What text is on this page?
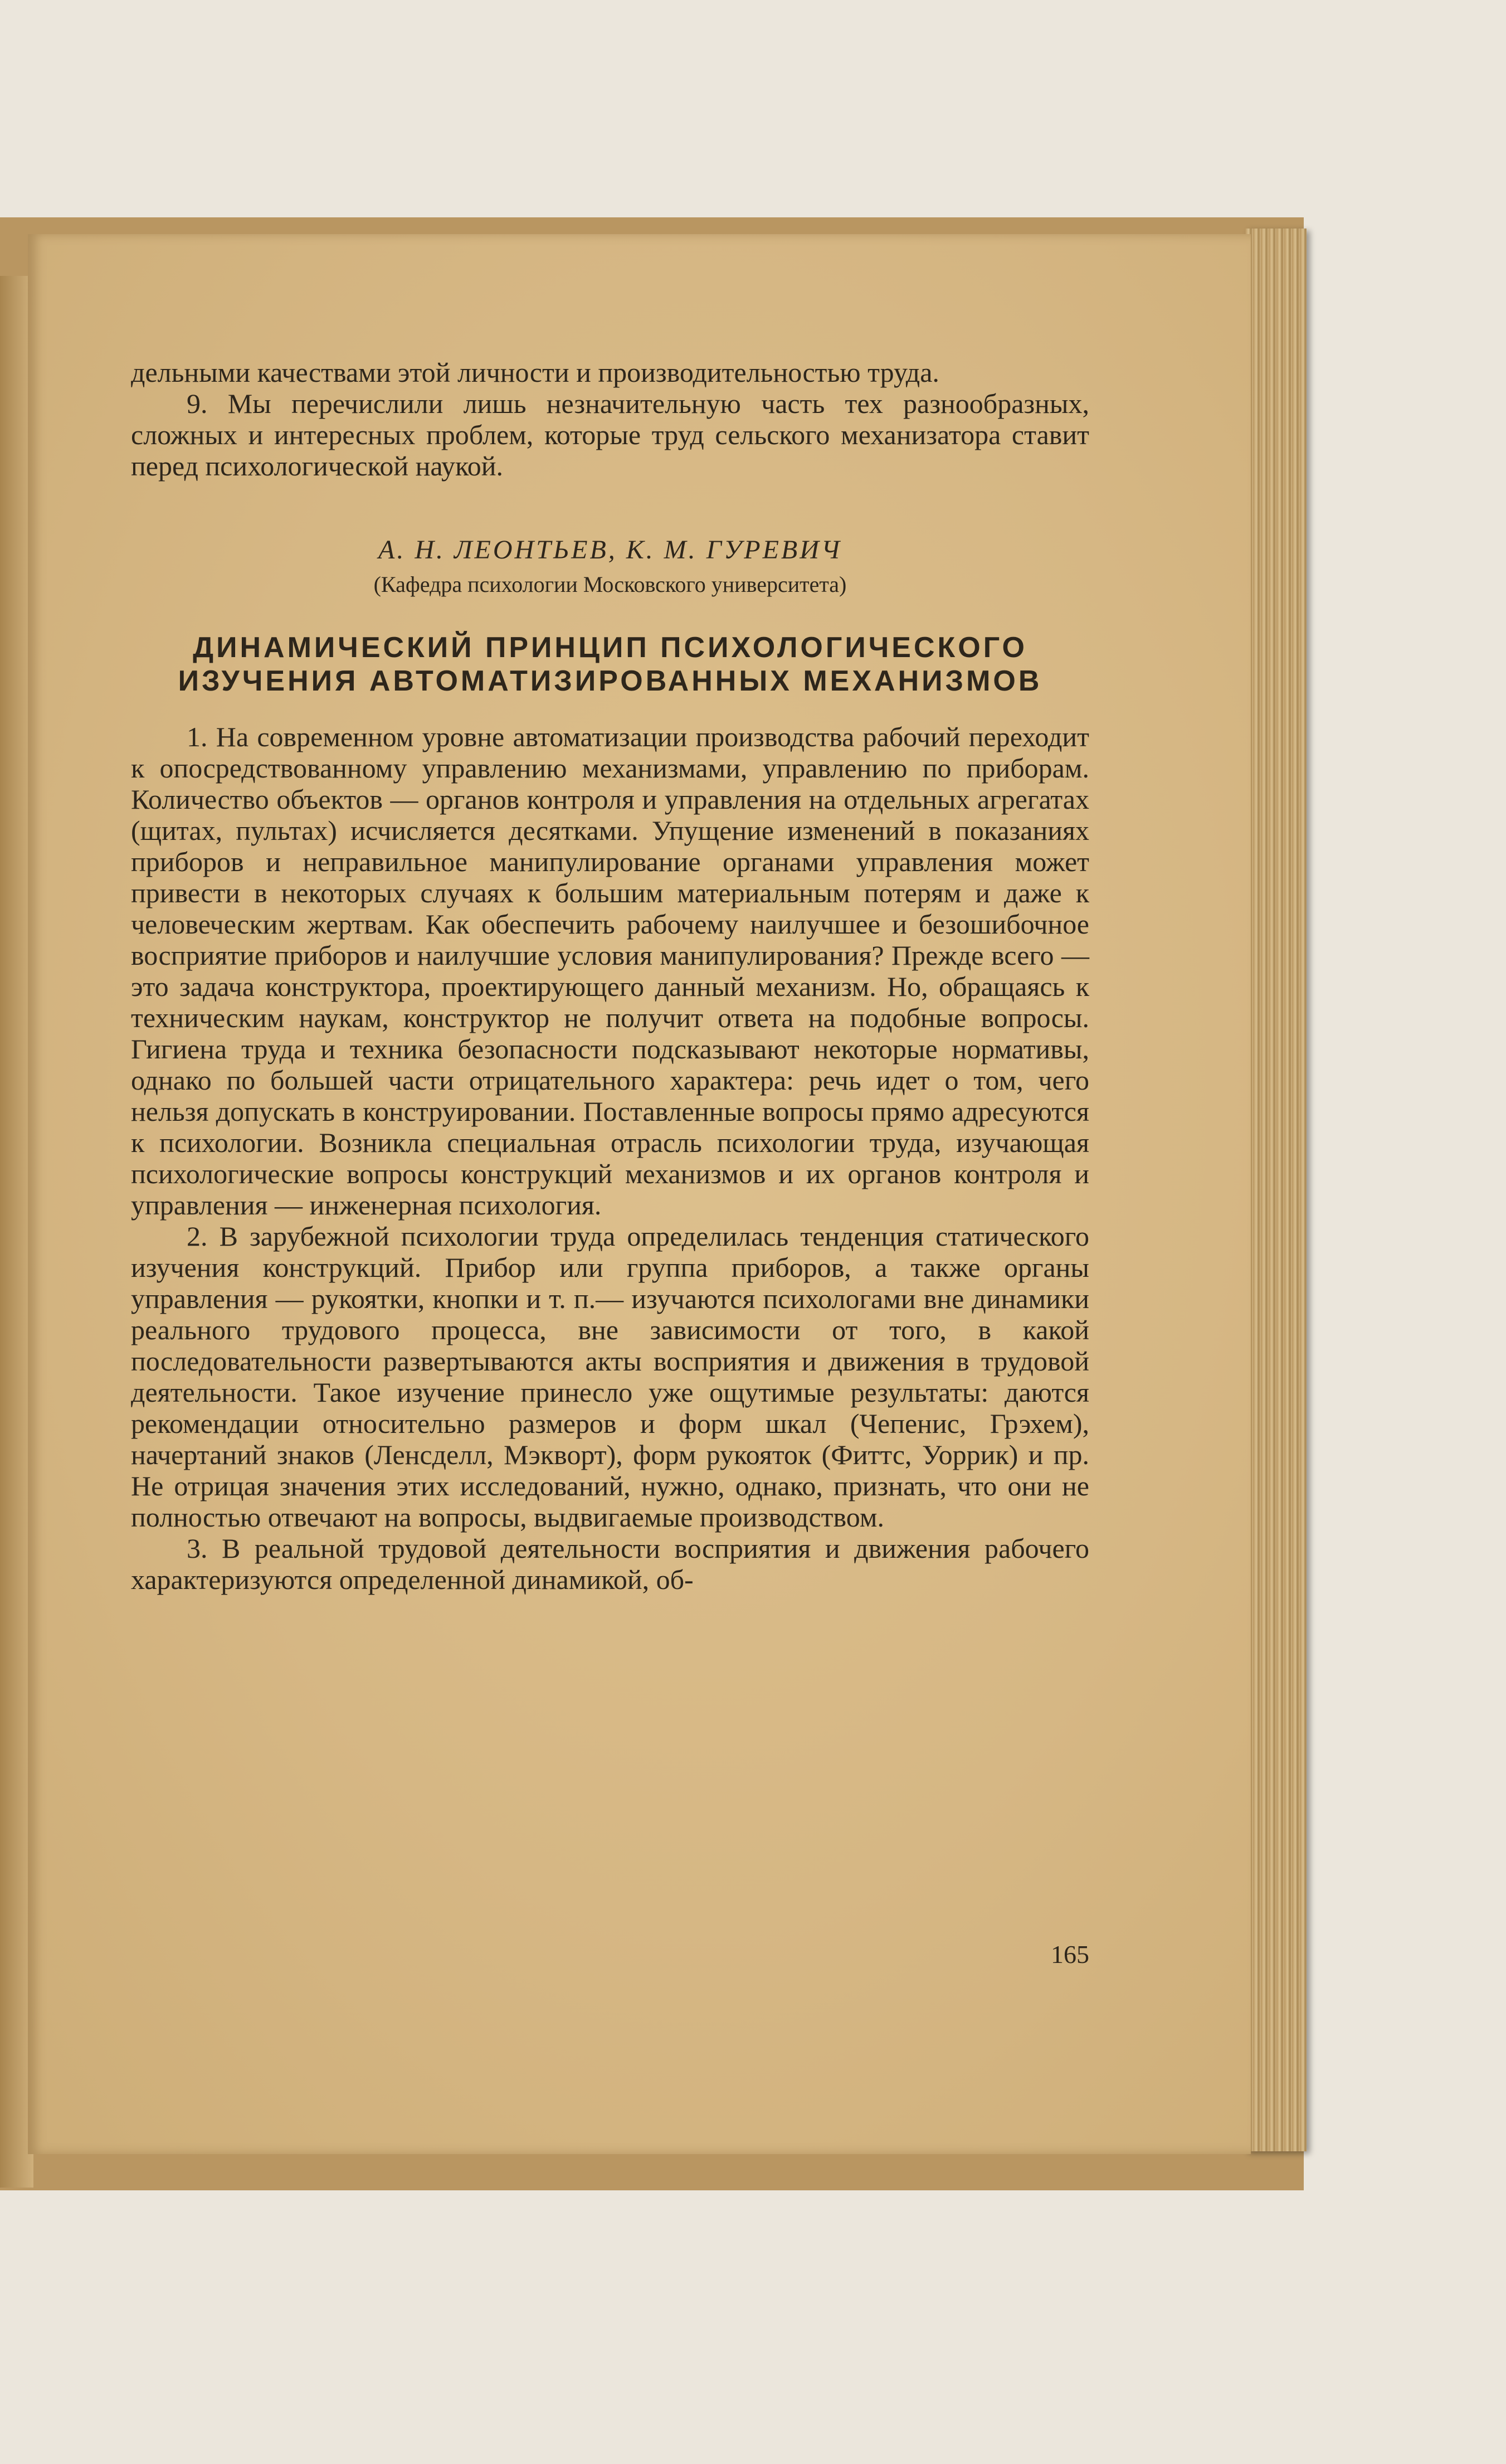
дельными качествами этой личности и производительностью труда.

9. Мы перечислили лишь незначительную часть тех разнообразных, сложных и интересных проблем, которые труд сельского механизатора ставит перед психологической наукой.

А. Н. ЛЕОНТЬЕВ, К. М. ГУРЕВИЧ

(Кафедра психологии Московского университета)

ДИНАМИЧЕСКИЙ ПРИНЦИП ПСИХОЛОГИЧЕСКОГО ИЗУЧЕНИЯ АВТОМАТИЗИРОВАННЫХ МЕХАНИЗМОВ

1. На современном уровне автоматизации производства рабочий переходит к опосредствованному управлению механизмами, управлению по приборам. Количество объектов — органов контроля и управления на отдельных агрегатах (щитах, пультах) исчисляется десятками. Упущение изменений в показаниях приборов и неправильное манипулирование органами управления может привести в некоторых случаях к большим материальным потерям и даже к человеческим жертвам. Как обеспечить рабочему наилучшее и безошибочное восприятие приборов и наилучшие условия манипулирования? Прежде всего — это задача конструктора, проектирующего данный механизм. Но, обращаясь к техническим наукам, конструктор не получит ответа на подобные вопросы. Гигиена труда и техника безопасности подсказывают некоторые нормативы, однако по большей части отрицательного характера: речь идет о том, чего нельзя допускать в конструировании. Поставленные вопросы прямо адресуются к психологии. Возникла специальная отрасль психологии труда, изучающая психологические вопросы конструкций механизмов и их органов контроля и управления — инженерная психология.

2. В зарубежной психологии труда определилась тенденция статического изучения конструкций. Прибор или группа приборов, а также органы управления — рукоятки, кнопки и т. п.— изучаются психологами вне динамики реального трудового процесса, вне зависимости от того, в какой последовательности развертываются акты восприятия и движения в трудовой деятельности. Такое изучение принесло уже ощутимые результаты: даются рекомендации относительно размеров и форм шкал (Чепенис, Грэхем), начертаний знаков (Ленсделл, Мэкворт), форм рукояток (Фиттс, Уоррик) и пр. Не отрицая значения этих исследований, нужно, однако, признать, что они не полностью отвечают на вопросы, выдвигаемые производством.

3. В реальной трудовой деятельности восприятия и движения рабочего характеризуются определенной динамикой, об-

165
